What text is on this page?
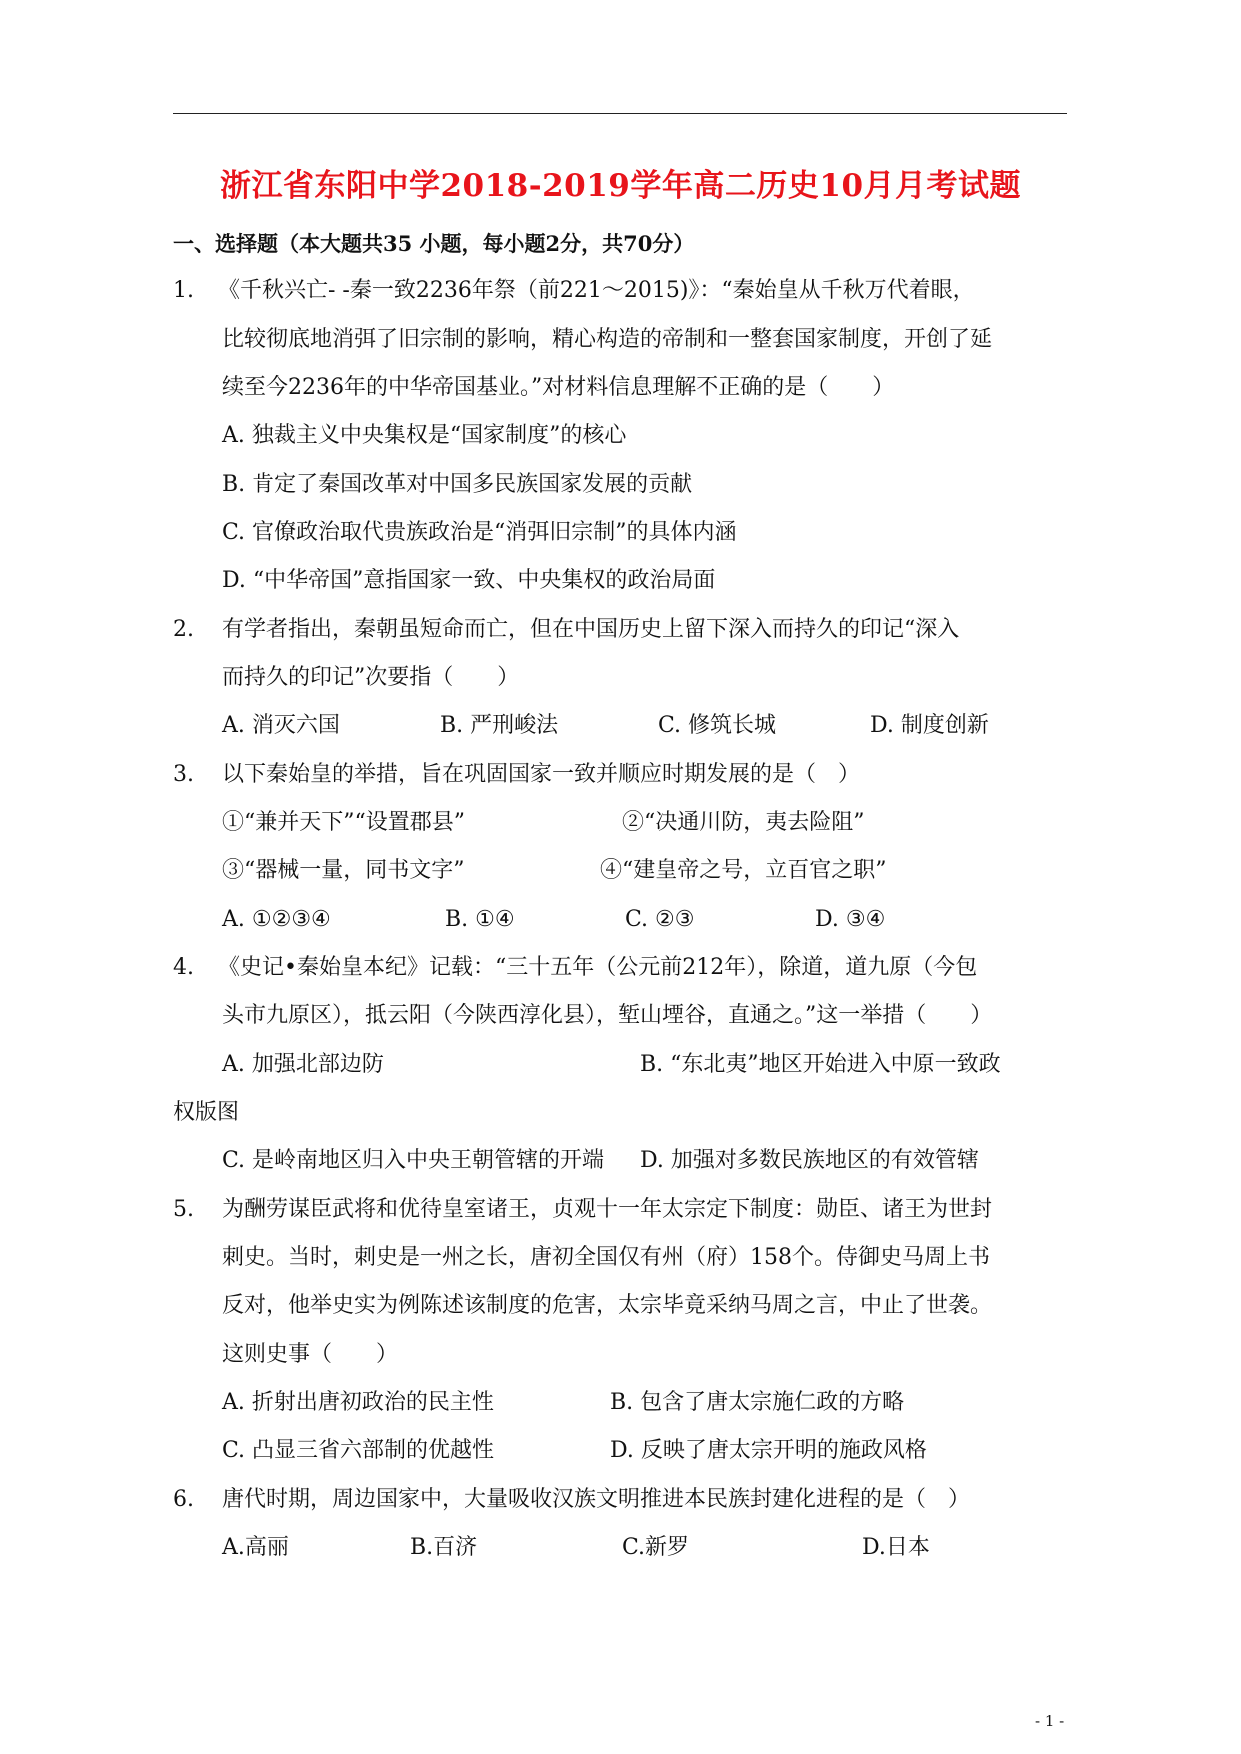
浙江省东阳中学2018-2019学年高二历史10月月考试题
一、选择题（本大题共35 小题，每小题2分，共70分）
1. 《千秋兴亡- -秦一致2236年祭（前221～2015)》：“秦始皇从千秋万代着眼，
比较彻底地消弭了旧宗制的影响，精心构造的帝制和一整套国家制度，开创了延
续至今2236年的中华帝国基业。”对材料信息理解不正确的是（　　）
A. 独裁主义中央集权是“国家制度”的核心
B. 肯定了秦国改革对中国多民族国家发展的贡献
C. 官僚政治取代贵族政治是“消弭旧宗制”的具体内涵
D. “中华帝国”意指国家一致、中央集权的政治局面
2. 有学者指出，秦朝虽短命而亡，但在中国历史上留下深入而持久的印记“深入
而持久的印记”次要指（　　）
A. 消灭六国	B. 严刑峻法	C. 修筑长城	D. 制度创新
3. 以下秦始皇的举措，旨在巩固国家一致并顺应时期发展的是（　）
①“兼并天下”“设置郡县”	②“决通川防，夷去险阻”
③“器械一量，同书文字”	④“建皇帝之号，立百官之职”
A. ①②③④	B. ①④	C. ②③	D. ③④
4. 《史记•秦始皇本纪》记载：“三十五年（公元前212年），除道，道九原（今包
头市九原区），抵云阳（今陕西淳化县），堑山堙谷，直通之。”这一举措（　　）
A. 加强北部边防	B. “东北夷”地区开始进入中原一致政
权版图
C. 是岭南地区归入中央王朝管辖的开端 D. 加强对多数民族地区的有效管辖
5. 为酬劳谋臣武将和优待皇室诸王，贞观十一年太宗定下制度：勋臣、诸王为世封
刺史。当时，刺史是一州之长，唐初全国仅有州（府）158个。侍御史马周上书
反对，他举史实为例陈述该制度的危害，太宗毕竟采纳马周之言，中止了世袭。
这则史事（　　）
A. 折射出唐初政治的民主性	B. 包含了唐太宗施仁政的方略
C. 凸显三省六部制的优越性	D. 反映了唐太宗开明的施政风格
6. 唐代时期，周边国家中，大量吸收汉族文明推进本民族封建化进程的是（　）
A.高丽	B.百济	C.新罗	D.日本
- 1 -
